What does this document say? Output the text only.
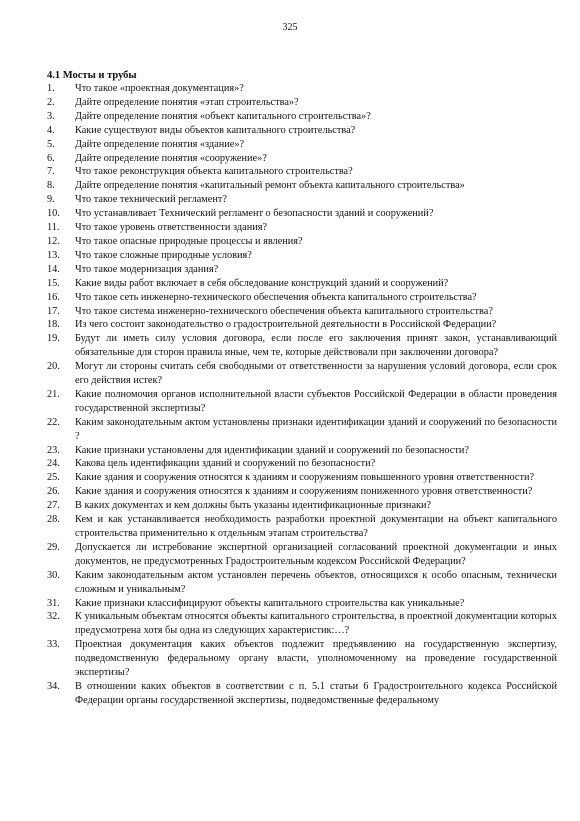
325
4.1 Мосты и трубы
1.	Что такое «проектная документация»?
2.	Дайте определение понятия «этап строительства»?
3.	Дайте определение понятия «объект капитального строительства»?
4.	Какие существуют виды объектов капитального строительства?
5.	Дайте определение понятия «здание»?
6.	Дайте определение понятия «сооружение»?
7.	Что такое реконструкция объекта капитального строительства?
8.	Дайте определение понятия «капитальный ремонт объекта капитального строительства»
9.	Что такое технический регламент?
10.	Что устанавливает Технический регламент о безопасности зданий и сооружений?
11.	Что такое уровень ответственности здания?
12.	Что такое опасные природные процессы и явления?
13.	Что такое сложные природные условия?
14.	Что такое модернизация здания?
15.	Какие виды работ включает в себя обследование конструкций зданий и сооружений?
16.	Что такое сеть инженерно-технического обеспечения объекта капитального строительства?
17.	Что такое система инженерно-технического обеспечения объекта капитального строительства?
18.	Из чего состоит законодательство о градостроительной деятельности в Российской Федерации?
19.	Будут ли иметь силу условия договора, если после его заключения принят закон, устанавливающий обязательные для сторон правила иные, чем те, которые действовали при заключении договора?
20.	Могут ли стороны считать себя свободными от ответственности за нарушения условий договора, если срок его действия истек?
21.	Какие полномочия органов исполнительной власти субъектов Российской Федерации в области проведения государственной экспертизы?
22.	Каким законодательным актом установлены признаки идентификации зданий и сооружений по безопасности ?
23.	Какие признаки установлены для идентификации зданий и сооружений по безопасности?
24.	Какова цель идентификации зданий и сооружений по безопасности?
25.	Какие здания и сооружения относятся к зданиям и сооружениям повышенного уровня ответственности?
26.	Какие здания и сооружения относятся к зданиям и сооружениям пониженного уровня ответственности?
27.	В каких документах и кем должны быть указаны идентификационные признаки?
28.	Кем и как устанавливается необходимость разработки проектной документации на объект капитального строительства применительно к отдельным этапам строительства?
29.	Допускается ли истребование экспертной организацией согласований проектной документации и иных документов, не предусмотренных Градостроительным кодексом Российской Федерации?
30.	Каким законодательным актом установлен перечень объектов, относящихся к особо опасным, технически сложным и уникальным?
31.	Какие признаки классифицируют объекты капитального строительства как уникальные?
32.	К уникальным объектам относятся объекты капитального строительства, в проектной документации которых предусмотрена хотя бы одна из следующих характеристик:…?
33.	Проектная документация каких объектов подлежит предъявлению на государственную экспертизу, подведомственную федеральному органу власти, уполномоченному на проведение государственной экспертизы?
34.	В отношении каких объектов в соответствии с п. 5.1 статьи 6 Градостроительного кодекса Российской Федерации органы государственной экспертизы, подведомственные федеральному
